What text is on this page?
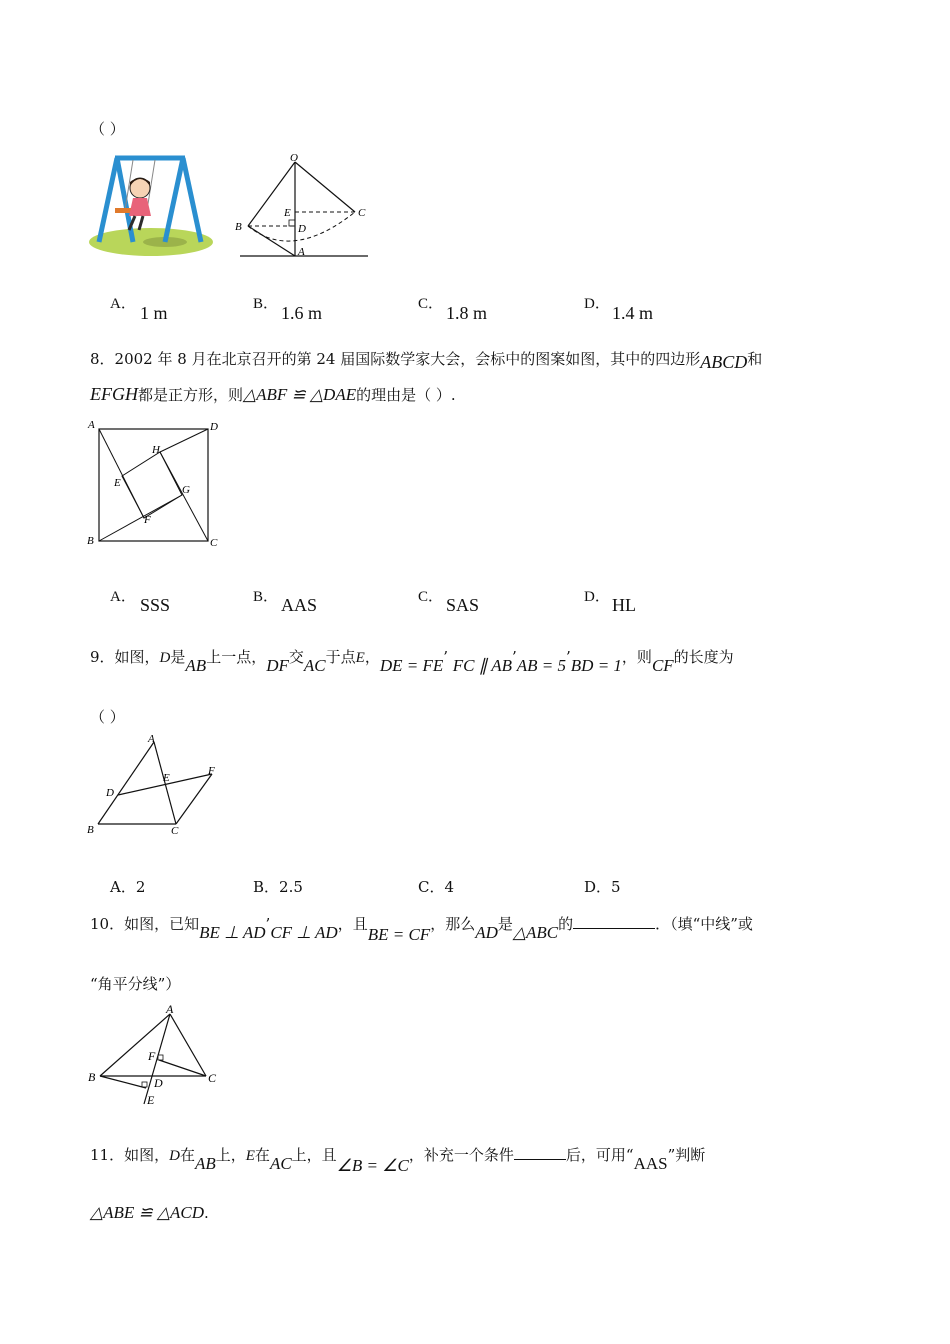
（ ）
O
E	C
B	D
A
A． 1 m	B． 1.6 m	C． 1.8 m	D． 1.4 m
8．2002 年 8 月在北京召开的第 24 届国际数学家大会，会标中的图案如图，其中的四边形ABCD和
EFGH都是正方形，则△ABF ≌ △DAE的理由是（ ）.
A	D
B	C
H
E
G
F
A． SSS	B． AAS	C． SAS	D． HL
9．如图，D是AB上一点，DF交AC于点E，DE = FE’ FC ∥ AB’AB = 5’BD = 1，则CF的长度为
（ ）
A
D
E
F
B	C
A．2	B．2.5	C．4	D．5
10．如图，已知BE ⊥ AD’CF ⊥ AD，且BE = CF，那么AD是△ABC的	．（填“中线”或
“角平分线”）
A
F
B	D	C
E
11．如图，D在AB上，E在AC上，且∠B = ∠C，补充一个条件	后，可用“AAS”判断
△ABE ≌ △ACD.
